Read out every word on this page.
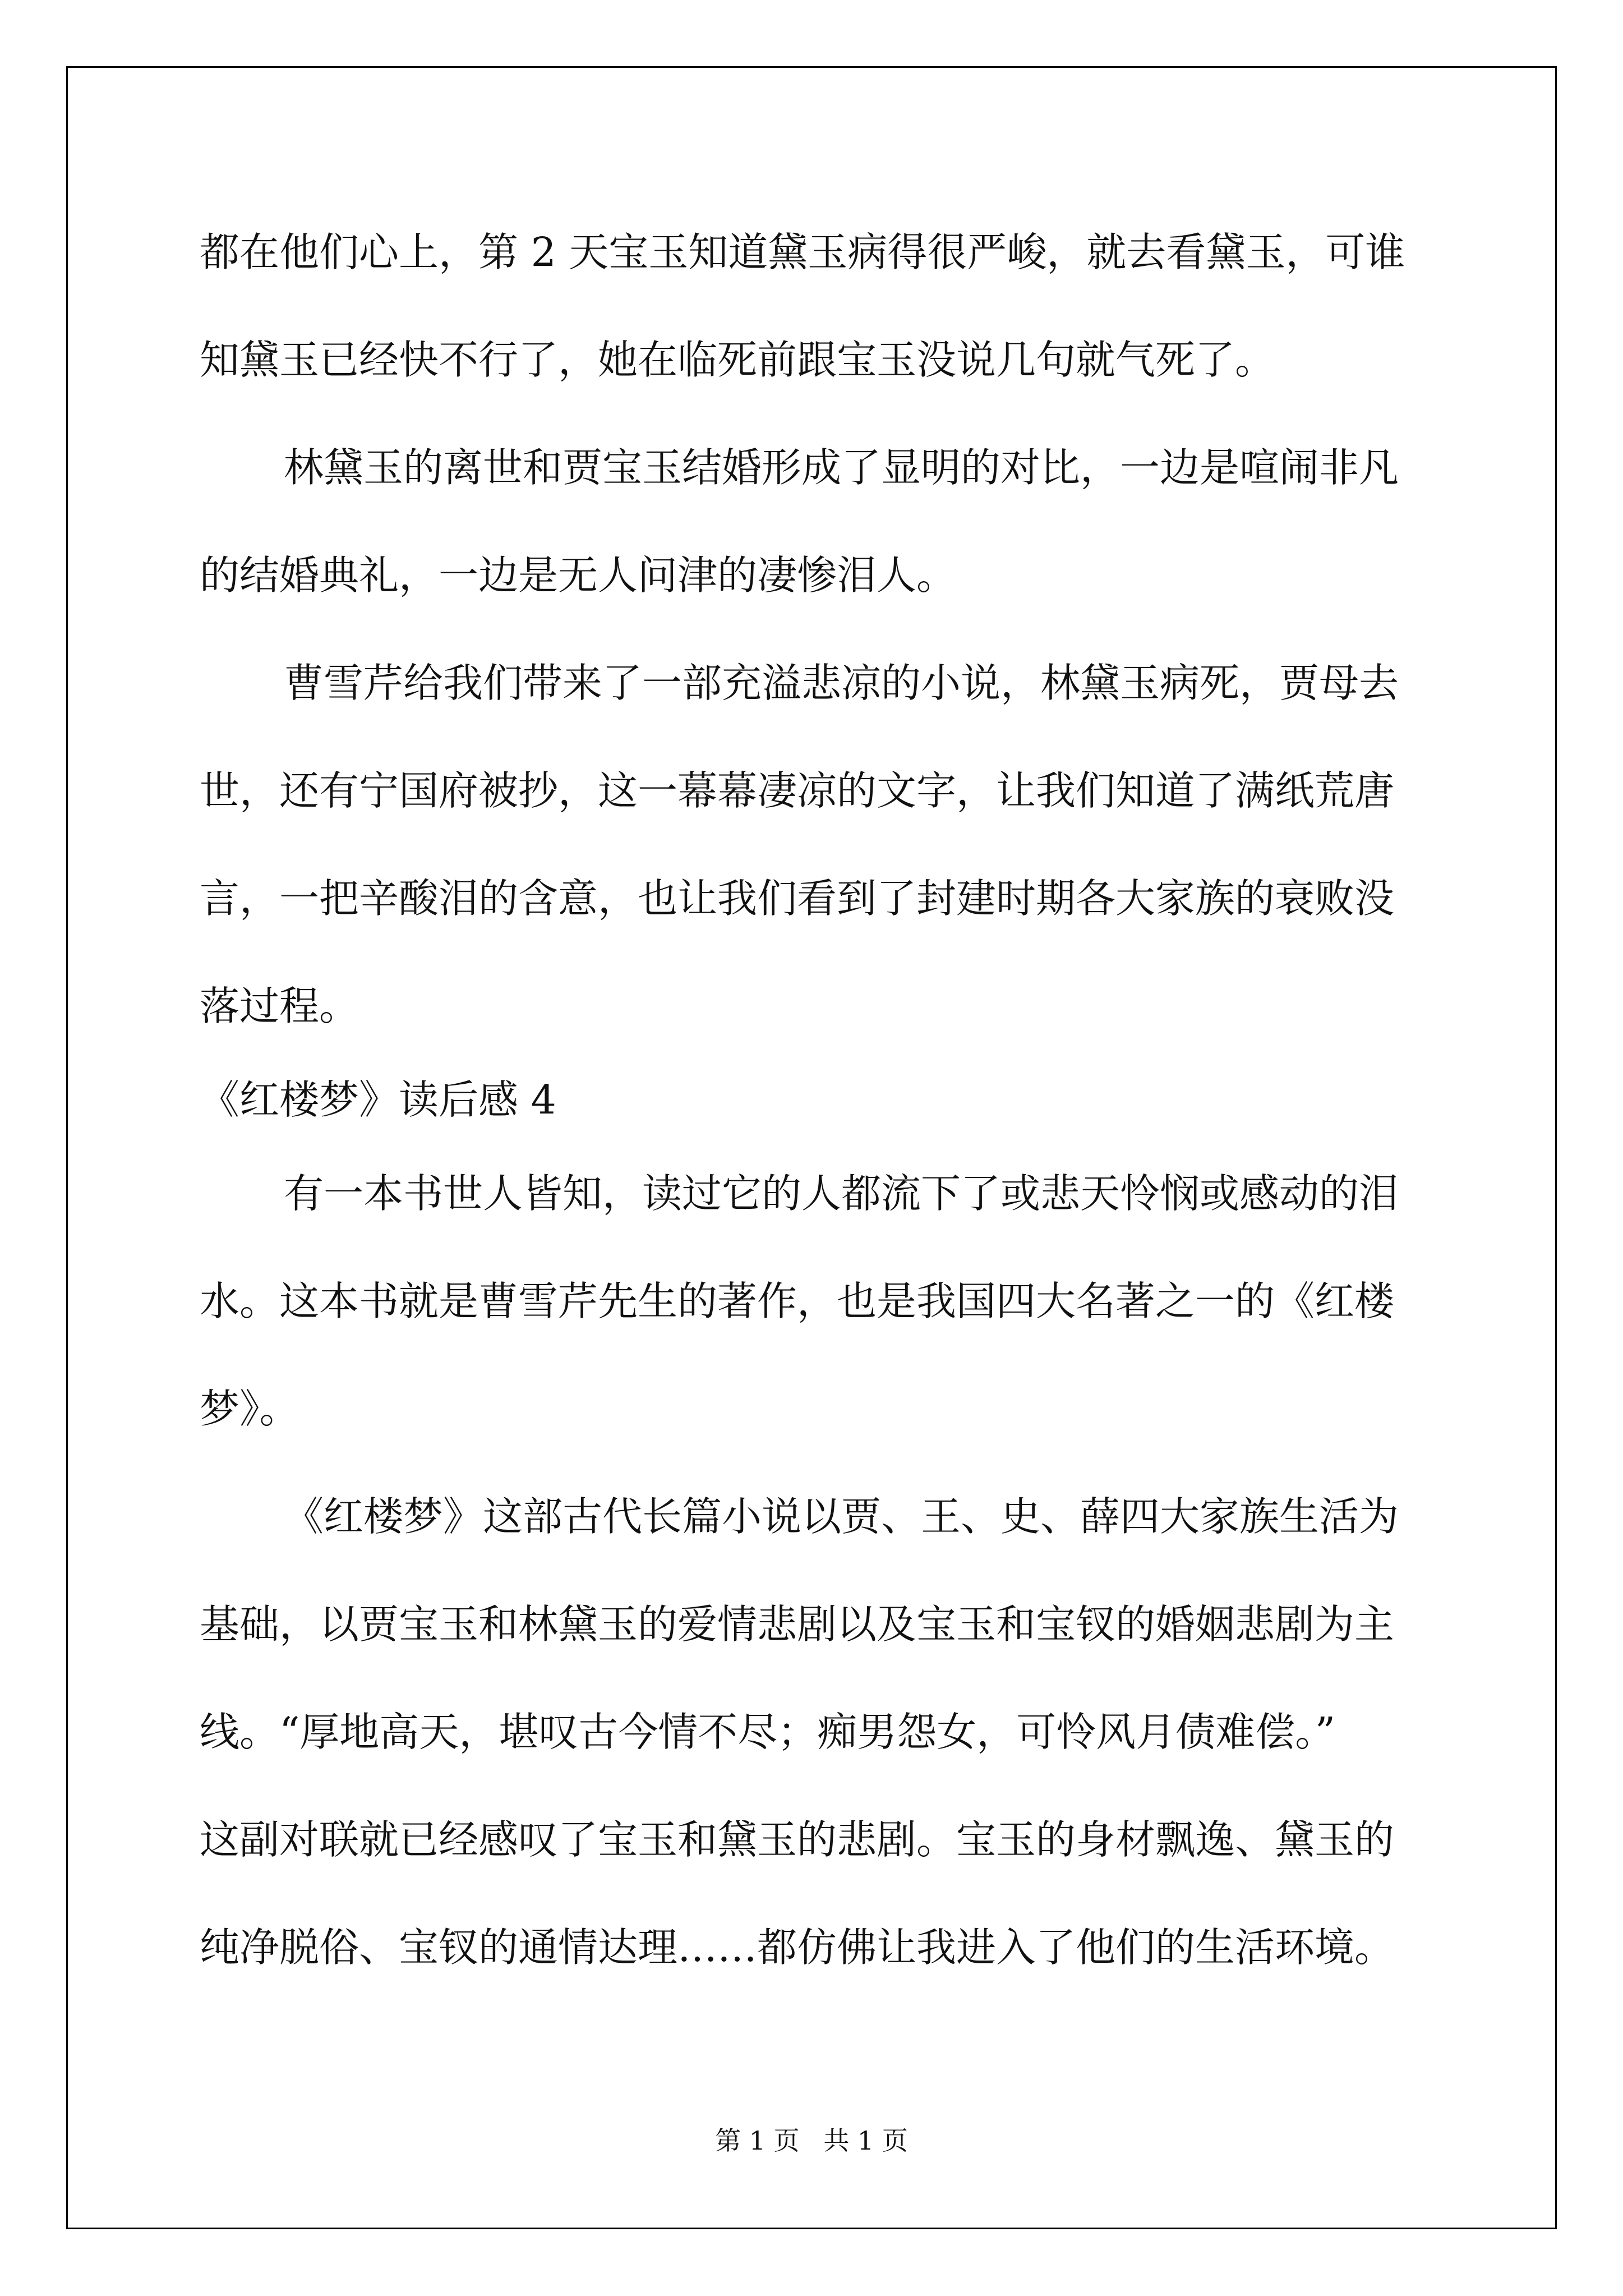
都在他们心上，第 2 天宝玉知道黛玉病得很严峻，就去看黛玉，可谁
知黛玉已经快不行了，她在临死前跟宝玉没说几句就气死了。
林黛玉的离世和贾宝玉结婚形成了显明的对比，一边是喧闹非凡
的结婚典礼，一边是无人问津的凄惨泪人。
曹雪芹给我们带来了一部充溢悲凉的小说，林黛玉病死，贾母去
世，还有宁国府被抄，这一幕幕凄凉的文字，让我们知道了满纸荒唐
言，一把辛酸泪的含意，也让我们看到了封建时期各大家族的衰败没
落过程。
《红楼梦》读后感 4
有一本书世人皆知，读过它的人都流下了或悲天怜悯或感动的泪
水。这本书就是曹雪芹先生的著作，也是我国四大名著之一的《红楼
梦》。
《红楼梦》这部古代长篇小说以贾、王、史、薛四大家族生活为
基础，以贾宝玉和林黛玉的爱情悲剧以及宝玉和宝钗的婚姻悲剧为主
线。“厚地高天，堪叹古今情不尽；痴男怨女，可怜风月债难偿。”
这副对联就已经感叹了宝玉和黛玉的悲剧。宝玉的身材飘逸、黛玉的
纯净脱俗、宝钗的通情达理……都仿佛让我进入了他们的生活环境。
第 1 页 共 1 页
